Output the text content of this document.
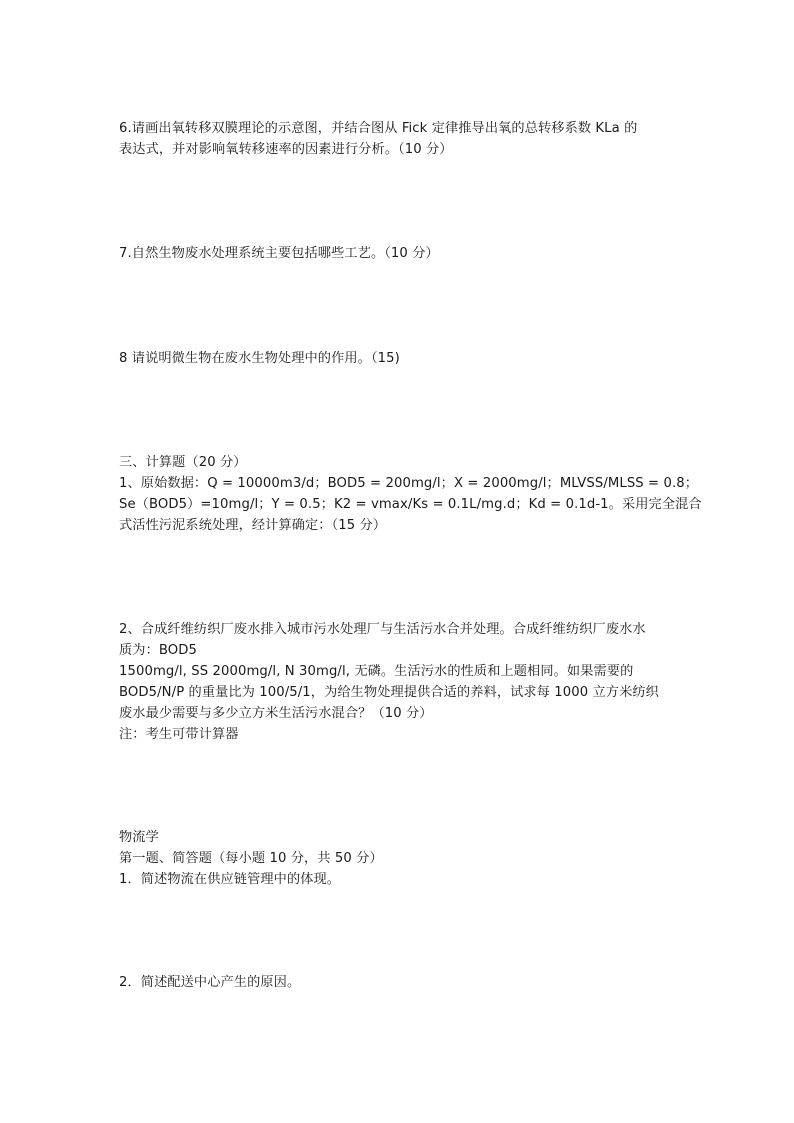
6.请画出氧转移双膜理论的示意图，并结合图从 Fick 定律推导出氧的总转移系数 KLa 的
表达式，并对影响氧转移速率的因素进行分析。（10 分）
7.自然生物废水处理系统主要包括哪些工艺。（10 分）
8 请说明微生物在废水生物处理中的作用。（15)
三、计算题（20 分）
1、原始数据：Q = 10000m3/d；BOD5 = 200mg/l；X = 2000mg/l；MLVSS/MLSS = 0.8；
Se（BOD5）=10mg/l；Y = 0.5；K2 = vmax/Ks = 0.1L/mg.d；Kd = 0.1d-1。采用完全混合
式活性污泥系统处理，经计算确定：（15 分）
2、合成纤维纺织厂废水排入城市污水处理厂与生活污水合并处理。合成纤维纺织厂废水水
质为：BOD5
1500mg/l, SS 2000mg/l, N 30mg/l, 无磷。生活污水的性质和上题相同。如果需要的
BOD5/N/P 的重量比为 100/5/1，为给生物处理提供合适的养料，试求每 1000 立方米纺织
废水最少需要与多少立方米生活污水混合？（10 分）
注：考生可带计算器
物流学
第一题、简答题（每小题 10 分，共 50 分）
1．简述物流在供应链管理中的体现。
2．简述配送中心产生的原因。
